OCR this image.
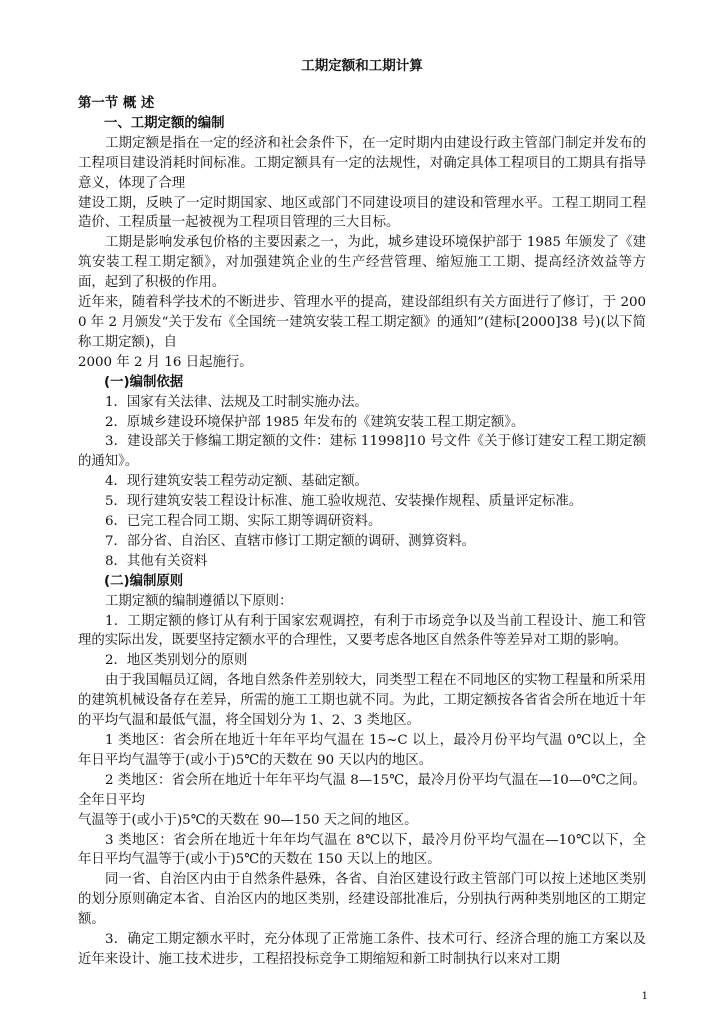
工期定额和工期计算
第一节 概 述
一、工期定额的编制

工期定额是指在一定的经济和社会条件下，在一定时期内由建设行政主管部门制定并发布的工程项目建设消耗时间标准。工期定额具有一定的法规性，对确定具体工程项目的工期具有指导意义，体现了合理

建设工期，反映了一定时期国家、地区或部门不同建设项目的建设和管理水平。工程工期同工程造价、工程质量一起被视为工程项目管理的三大目标。

工期是影响发承包价格的主要因素之一，为此，城乡建设环境保护部于 1985 年颁发了《建筑安装工程工期定额》，对加强建筑企业的生产经营管理、缩短施工工期、提高经济效益等方面，起到了积极的作用。

近年来，随着科学技术的不断进步、管理水平的提高，建设部组织有关方面进行了修订，于 2000 年 2 月颁发“关于发布《全国统一建筑安装工程工期定额》的通知”(建标[2000]38 号)(以下简称工期定额)，自

2000 年 2 月 16 日起施行。

(一)编制依据

1．国家有关法律、法规及工时制实施办法。

2．原城乡建设环境保护部 1985 年发布的《建筑安装工程工期定额》。

3．建设部关于修编工期定额的文件：建标 11998]10 号文件《关于修订建安工程工期定额的通知》。

4．现行建筑安装工程劳动定额、基础定额。

5．现行建筑安装工程设计标准、施工验收规范、安装操作规程、质量评定标准。

6．已完工程合同工期、实际工期等调研资料。

7．部分省、自治区、直辖市修订工期定额的调研、测算资料。

8．其他有关资料

(二)编制原则

工期定额的编制遵循以下原则：

1．工期定额的修订从有利于国家宏观调控，有利于市场竞争以及当前工程设计、施工和管理的实际出发，既要坚持定额水平的合理性，又要考虑各地区自然条件等差异对工期的影响。

2．地区类别划分的原则

由于我国幅员辽阔，各地自然条件差别较大，同类型工程在不同地区的实物工程量和所采用的建筑机械设备存在差异，所需的施工工期也就不同。为此，工期定额按各省省会所在地近十年的平均气温和最低气温，将全国划分为 1、2、3 类地区。

1 类地区：省会所在地近十年年平均气温在 15~C 以上，最冷月份平均气温 0℃以上，全年日平均气温等于(或小于)5℃的天数在 90 天以内的地区。

2 类地区：省会所在地近十年年平均气温 8—15℃，最冷月份平均气温在—10—0℃之间。全年日平均

气温等于(或小于)5℃的天数在 90—150 天之间的地区。

3 类地区：省会所在地近十年年均气温在 8℃以下，最冷月份平均气温在—10℃以下，全年日平均气温等于(或小于)5℃的天数在 150 天以上的地区。

同一省、自治区内由于自然条件悬殊，各省、自治区建设行政主管部门可以按上述地区类别的划分原则确定本省、自治区内的地区类别，经建设部批准后，分别执行两种类别地区的工期定额。

3．确定工期定额水平时，充分体现了正常施工条件、技术可行、经济合理的施工方案以及近年来设计、施工技术进步，工程招投标竞争工期缩短和新工时制执行以来对工期

1
